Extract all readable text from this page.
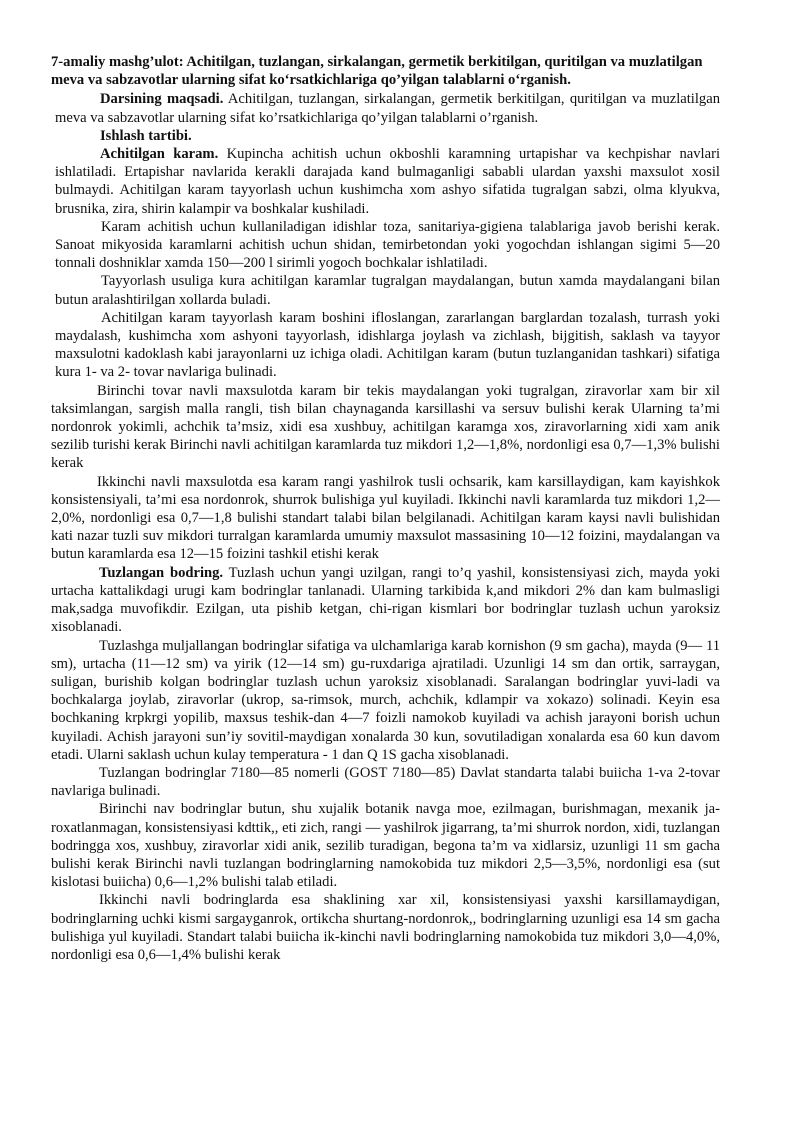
7-amaliy mashg’ulot: Achitilgan, tuzlangan, sirkalangan, germetik berkitilgan, quritilgan va muzlatilgan meva va sabzavotlar ularning sifat ko‘rsatkichlariga qo’yilgan talablarni o‘rganish.

Darsining maqsadi. Achitilgan, tuzlangan, sirkalangan, germetik berkitilgan, quritilgan va muzlatilgan meva va sabzavotlar ularning sifat ko’rsatkichlariga qo’yilgan talablarni o’rganish.

Ishlash tartibi.

Achitilgan karam. Kupincha achitish uchun okboshli karamning urtapishar va kechpishar navlari ishlatiladi. Ertapishar navlarida kerakli darajada kand bulmaganligi sababli ulardan yaxshi maxsulot xosil bulmaydi. Achitilgan karam tayyorlash uchun kushimcha xom ashyo sifatida tugralgan sabzi, olma klyukva, brusnika, zira, shirin kalampir va boshkalar kushiladi.

Karam achitish uchun kullaniladigan idishlar toza, sanitariya-gigiena talablariga javob berishi kerak. Sanoat mikyosida karamlarni achitish uchun shidan, temirbetondan yoki yogochdan ishlangan sigimi 5—20 tonnali doshniklar xamda 150—200 l sirimli yogoch bochkalar ishlatiladi.

Tayyorlash usuliga kura achitilgan karamlar tugralgan maydalangan, butun xamda maydalangani bilan butun aralashtirilgan xollarda buladi.

Achitilgan karam tayyorlash karam boshini ifloslangan, zararlangan barglardan tozalash, turrash yoki maydalash, kushimcha xom ashyoni tayyorlash, idishlarga joylash va zichlash, bijgitish, saklash va tayyor maxsulotni kadoklash kabi jarayonlarni uz ichiga oladi. Achitilgan karam (butun tuzlanganidan tashkari) sifatiga kura 1- va 2- tovar navlariga bulinadi.

Birinchi tovar navli maxsulotda karam bir tekis maydalangan yoki tugralgan, ziravorlar xam bir xil taksimlangan, sargish malla rangli, tish bilan chaynaganda karsillashi va sersuv bulishi kerak Ularning ta’mi nordonrok yokimli, achchik ta’msiz, xidi esa xushbuy, achitilgan karamga xos, ziravorlarning xidi xam anik sezilib turishi kerak Birinchi navli achitilgan karamlarda tuz mikdori 1,2—1,8%, nordonligi esa 0,7—1,3% bulishi kerak

Ikkinchi navli maxsulotda esa karam rangi yashilrok tusli ochsarik, kam karsillaydigan, kam kayishkok konsistensiyali, ta’mi esa nordonrok, shurrok bulishiga yul kuyiladi. Ikkinchi navli karamlarda tuz mikdori 1,2—2,0%, nordonligi esa 0,7—1,8 bulishi standart talabi bilan belgilanadi. Achitilgan karam kaysi navli bulishidan kati nazar tuzli suv mikdori turralgan karamlarda umumiy maxsulot massasining 10—12 foizini, maydalangan va butun karamlarda esa 12—15 foizini tashkil etishi kerak

Tuzlangan bodring. Tuzlash uchun yangi uzilgan, rangi to’q yashil, konsistensiyasi zich, mayda yoki urtacha kattalikdagi urugi kam bodringlar tanlanadi. Ularning tarkibida k,and mikdori 2% dan kam bulmasligi mak,sadga muvofikdir. Ezilgan, uta pishib ketgan, chi-rigan kismlari bor bodringlar tuzlash uchun yaroksiz xisoblanadi.

Tuzlashga muljallangan bodringlar sifatiga va ulchamlariga karab kornishon (9 sm gacha), mayda (9— 11 sm), urtacha (11—12 sm) va yirik (12—14 sm) gu-ruxdariga ajratiladi. Uzunligi 14 sm dan ortik, sarraygan, suligan, burishib kolgan bodringlar tuzlash uchun yaroksiz xisoblanadi. Saralangan bodringlar yuvi-ladi va bochkalarga joylab, ziravorlar (ukrop, sa-rimsok, murch, achchik, kdlampir va xokazo) solinadi. Keyin esa bochkaning krpkrgi yopilib, maxsus teshik-dan 4—7 foizli namokob kuyiladi va achish jarayoni borish uchun kuyiladi. Achish jarayoni sun’iy sovitil-maydigan xonalarda 30 kun, sovutiladigan xonalarda esa 60 kun davom etadi. Ularni saklash uchun kulay temperatura - 1 dan Q 1S gacha xisoblanadi.

Tuzlangan bodringlar 7180—85 nomerli (GOST 7180—85) Davlat standarta talabi buiicha 1-va 2-tovar navlariga bulinadi.

Birinchi nav bodringlar butun, shu xujalik botanik navga moe, ezilmagan, burishmagan, mexanik ja-roxatlanmagan, konsistensiyasi kdttik,, eti zich, rangi — yashilrok jigarrang, ta’mi shurrok nordon, xidi, tuzlangan bodringga xos, xushbuy, ziravorlar xidi anik, sezilib turadigan, begona ta’m va xidlarsiz, uzunligi 11 sm gacha bulishi kerak Birinchi navli tuzlangan bodringlarning namokobida tuz mikdori 2,5—3,5%, nordonligi esa (sut kislotasi buiicha) 0,6—1,2% bulishi talab etiladi.

Ikkinchi navli bodringlarda esa shaklining xar xil, konsistensiyasi yaxshi karsillamaydigan, bodringlarning uchki kismi sargayganrok, ortikcha shurtang-nordonrok,, bodringlarning uzunligi esa 14 sm gacha bulishiga yul kuyiladi. Standart talabi buiicha ik-kinchi navli bodringlarning namokobida tuz mikdori 3,0—4,0%, nordonligi esa 0,6—1,4% bulishi kerak
